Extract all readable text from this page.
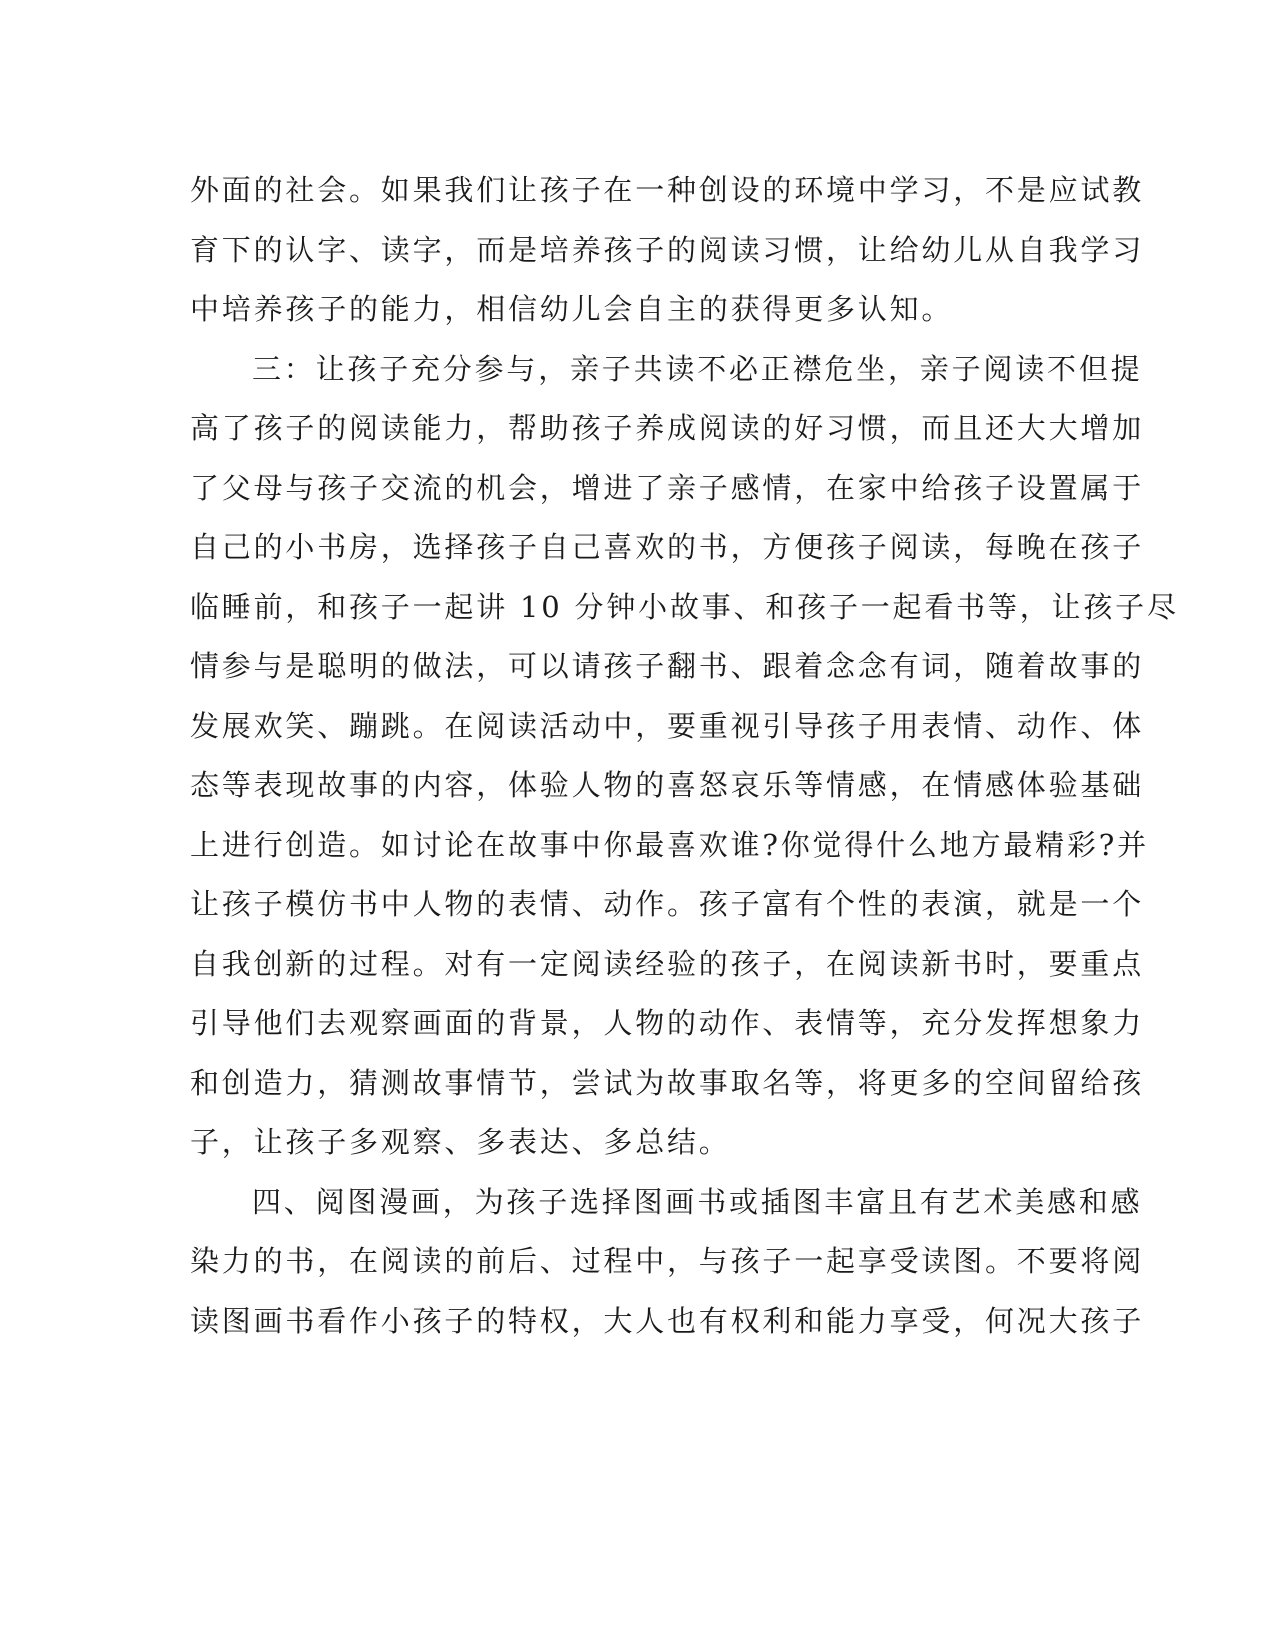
外面的社会。如果我们让孩子在一种创设的环境中学习，不是应试教
育下的认字、读字，而是培养孩子的阅读习惯，让给幼儿从自我学习
中培养孩子的能力，相信幼儿会自主的获得更多认知。
三：让孩子充分参与，亲子共读不必正襟危坐，亲子阅读不但提
高了孩子的阅读能力，帮助孩子养成阅读的好习惯，而且还大大增加
了父母与孩子交流的机会，增进了亲子感情，在家中给孩子设置属于
自己的小书房，选择孩子自己喜欢的书，方便孩子阅读，每晚在孩子
临睡前，和孩子一起讲 10 分钟小故事、和孩子一起看书等，让孩子尽
情参与是聪明的做法，可以请孩子翻书、跟着念念有词，随着故事的
发展欢笑、蹦跳。在阅读活动中，要重视引导孩子用表情、动作、体
态等表现故事的内容，体验人物的喜怒哀乐等情感，在情感体验基础
上进行创造。如讨论在故事中你最喜欢谁?你觉得什么地方最精彩?并
让孩子模仿书中人物的表情、动作。孩子富有个性的表演，就是一个
自我创新的过程。对有一定阅读经验的孩子，在阅读新书时，要重点
引导他们去观察画面的背景，人物的动作、表情等，充分发挥想象力
和创造力，猜测故事情节，尝试为故事取名等，将更多的空间留给孩
子，让孩子多观察、多表达、多总结。
四、阅图漫画，为孩子选择图画书或插图丰富且有艺术美感和感
染力的书，在阅读的前后、过程中，与孩子一起享受读图。不要将阅
读图画书看作小孩子的特权，大人也有权利和能力享受，何况大孩子
